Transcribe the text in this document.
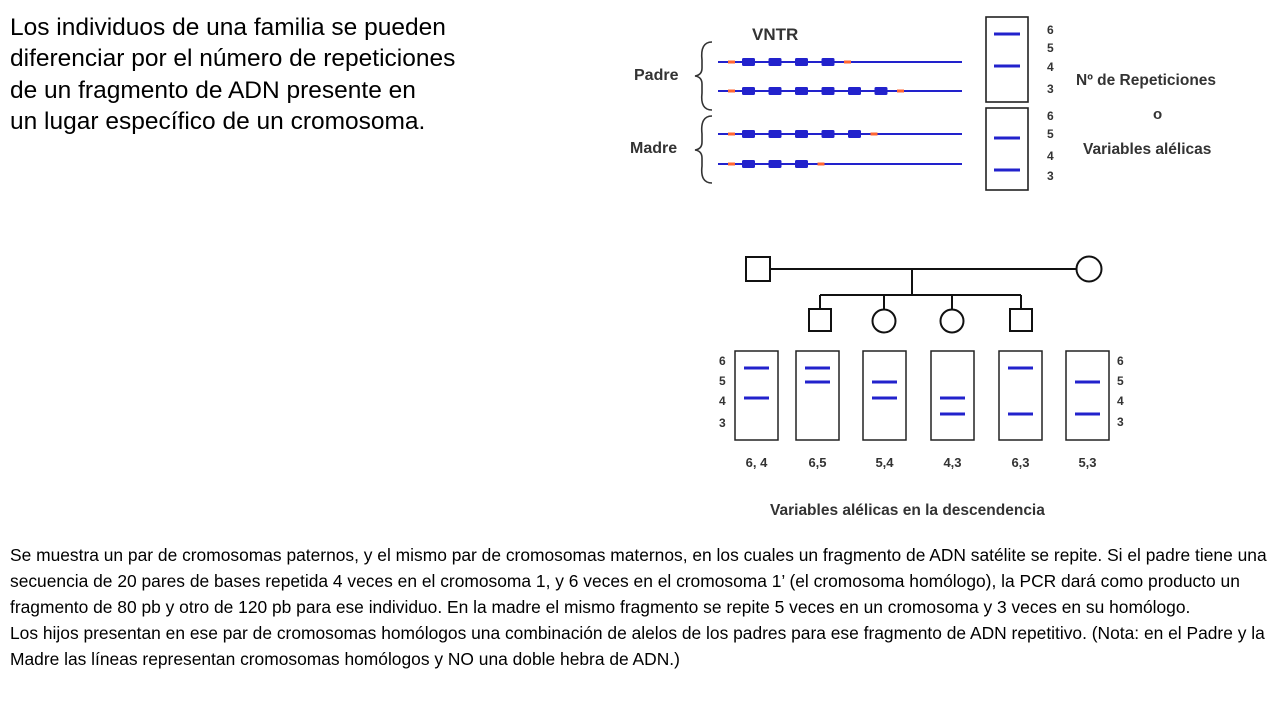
Los individuos de una familia se pueden
diferenciar por el número de repeticiones
de un fragmento de ADN presente en
un lugar específico de un cromosoma.
VNTR
Padre
Madre
6
5
4
3
6
5
4
3
Nº de Repeticiones
o
Variables alélicas
6, 4	6,5	5,4	4,3	6,3	5,3
6
5
4
3
6
5
4
3
Variables alélicas en la descendencia

Se muestra un par de cromosomas paternos, y el mismo par de cromosomas maternos, en los cuales un fragmento de ADN satélite se repite. Si el padre tiene una secuencia de 20 pares de bases repetida 4 veces en el cromosoma 1, y 6 veces en el cromosoma 1’ (el cromosoma homólogo), la PCR dará como producto un fragmento de 80 pb y otro de 120 pb para ese individuo. En la madre el mismo fragmento se repite 5 veces en un cromosoma y 3 veces en su homólogo.

Los hijos presentan en ese par de cromosomas homólogos una combinación de alelos de los padres para ese fragmento de ADN repetitivo. (Nota: en el Padre y la Madre las líneas representan cromosomas homólogos y NO una doble hebra de ADN.)
